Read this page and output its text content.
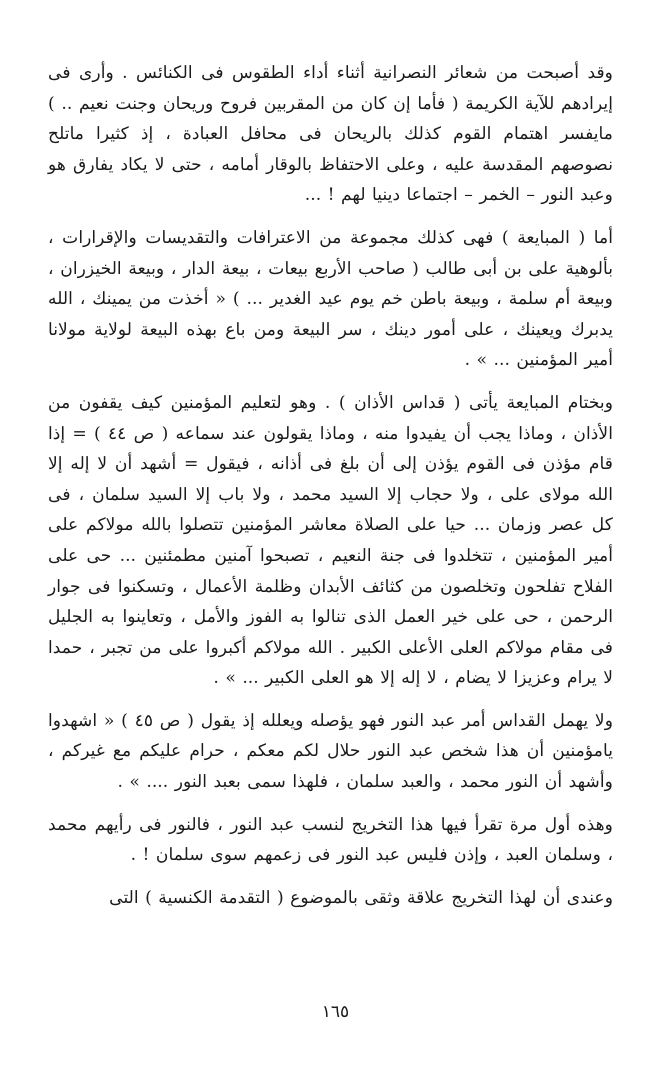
وقد أصبحت من شعائر النصرانية أثناء أداء الطقوس فى الكنائس . وأرى فى إيرادهم للآية الكريمة ( فأما إن كان من المقربين فروح وريحان وجنت نعيم .. ) مايفسر اهتمام القوم كذلك بالريحان فى محافل العبادة ، إذ كثيرا ماتلح نصوصهم المقدسة عليه ، وعلى الاحتفاظ بالوقار أمامه ، حتى لا يكاد يفارق هو وعبد النور – الخمر – اجتماعا دينيا لهم ! ...

أما ( المبايعة ) فهى كذلك مجموعة من الاعترافات والتقديسات والإقرارات ، بألوهية على بن أبى طالب ( صاحب الأربع بيعات ، بيعة الدار ، وبيعة الخيزران ، وبيعة أم سلمة ، وبيعة باطن خم يوم عيد الغدير ... ) « أخذت من يمينك ، الله يدبرك ويعينك ، على أمور دينك ، سر البيعة ومن باع بهذه البيعة لولاية مولانا أمير المؤمنين ... » .

وبختام المبايعة يأتى ( قداس الأذان ) . وهو لتعليم المؤمنين كيف يقفون من الأذان ، وماذا يجب أن يفيدوا منه ، وماذا يقولون عند سماعه ( ص ٤٤ ) = إذا قام مؤذن فى القوم يؤذن إلى أن بلغ فى أذانه ، فيقول = أشهد أن لا إله إلا الله مولاى على ، ولا حجاب إلا السيد محمد ، ولا باب إلا السيد سلمان ، فى كل عصر وزمان ... حيا على الصلاة معاشر المؤمنين تتصلوا بالله مولاكم على أمير المؤمنين ، تتخلدوا فى جنة النعيم ، تصبحوا آمنين مطمئنين ... حى على الفلاح تفلحون وتخلصون من كثائف الأبدان وظلمة الأعمال ، وتسكنوا فى جوار الرحمن ، حى على خير العمل الذى تنالوا به الفوز والأمل ، وتعاينوا به الجليل فى مقام مولاكم العلى الأعلى الكبير . الله مولاكم أكبروا على من تجبر ، حمدا لا يرام وعزيزا لا يضام ، لا إله إلا هو العلى الكبير ... » .

ولا يهمل القداس أمر عبد النور فهو يؤصله ويعلله إذ يقول ( ص ٤٥ ) « اشهدوا يامؤمنين أن هذا شخص عبد النور حلال لكم معكم ، حرام عليكم مع غيركم ، وأشهد أن النور محمد ، والعبد سلمان ، فلهذا سمى بعبد النور .... » .

وهذه أول مرة تقرأ فيها هذا التخريج لنسب عبد النور ، فالنور فى رأيهم محمد ، وسلمان العبد ، وإذن فليس عبد النور فى زعمهم سوى سلمان ! .

وعندى أن لهذا التخريج علاقة وثقى بالموضوع ( التقدمة الكنسية ) التى

١٦٥
